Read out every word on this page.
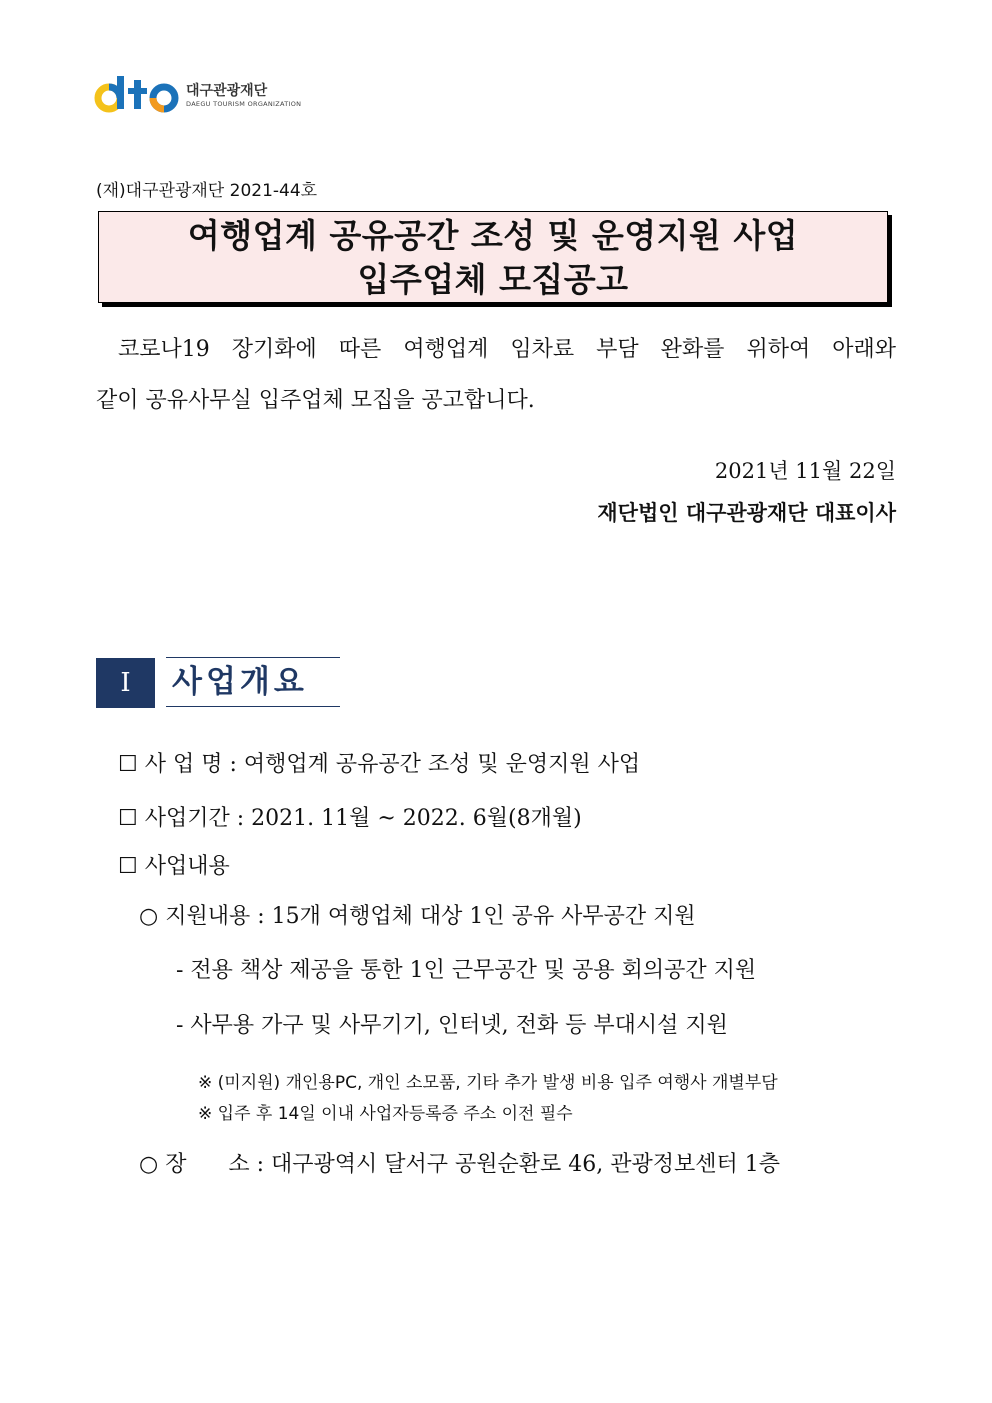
대구관광재단
DAEGU TOURISM ORGANIZATION
(재)대구관광재단 2021-44호
여행업계 공유공간 조성 및 운영지원 사업
입주업체 모집공고
코로나19 장기화에 따른 여행업계 임차료 부담 완화를 위하여 아래와
같이 공유사무실 입주업체 모집을 공고합니다.
2021년 11월 22일
재단법인 대구관광재단 대표이사
Ⅰ	사업개요
☐ 사 업 명 : 여행업계 공유공간 조성 및 운영지원 사업
☐ 사업기간 : 2021. 11월 ~ 2022. 6월(8개월)
☐ 사업내용
○ 지원내용 : 15개 여행업체 대상 1인 공유 사무공간 지원
- 전용 책상 제공을 통한 1인 근무공간 및 공용 회의공간 지원
- 사무용 가구 및 사무기기, 인터넷, 전화 등 부대시설 지원
※ (미지원) 개인용PC, 개인 소모품, 기타 추가 발생 비용 입주 여행사 개별부담
※ 입주 후 14일 이내 사업자등록증 주소 이전 필수
○ 장      소 : 대구광역시 달서구 공원순환로 46, 관광정보센터 1층
